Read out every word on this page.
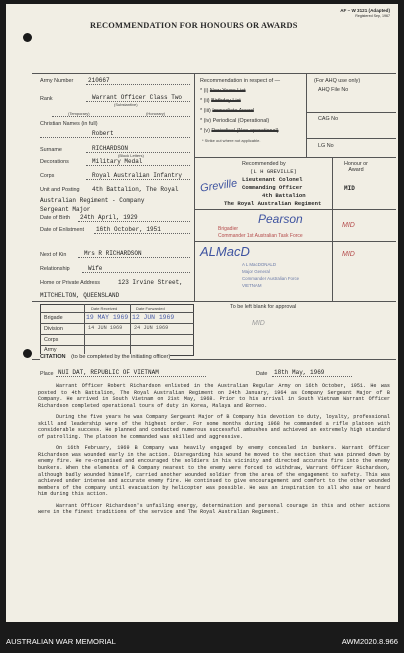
AF – W 3121 (Adapted)
Registered Sep, 1967
RECOMMENDATION FOR HONOURS OR AWARDS
Army Number 210667
Rank	Warrant Officer Class Two
(Substantive)
(Temporary)	(Honorary)
Christian Names (in full)
Robert
Surname	RICHARDSON
(Block Letters)
Decorations	Military Medal
Corps	Royal Australian Infantry
Unit and Posting 4th Battalion, The Royal
Australian Regiment - Company
Sergeant Major
Date of Birth 24th April, 1929
Date of Enlistment 16th October, 1951
Next of Kin	Mrs R RICHARDSON
Relationship	Wife
Home or Private Address	123 Irvine Street,
MITCHELTON, QUEENSLAND
Recommendation in respect of —
* (i) New Years List
* (ii) Birthday List
* (iii) Immediate Award
* (iv) Periodical (Operational)
* (v) Periodical (Non-operational)
* Strike out where not applicable.
(For AHQ use only)
AHQ File No
CAG No
LG No
Recommended by	Honour or Award
Greville
(L H GREVILLE)
Lieutenant Colonel
Commanding Officer
4th Battalion
The Royal Australian Regiment
MID
Pearson
Brigadier
Commander 1st Australian Task Force
MID
ALMacD
A L MacDONALD
Major General
Commander Australian Force
VIETNAM
MID
Date Received	Date Forwarded
Brigade	19 MAY 1969 12 JUN 1969
Division	14 JUN 1969 24 JUN 1969
Corps
Army
To be left blank for approval
MID
CITATION (to be completed by the initiating officer)
Place NUI DAT, REPUBLIC OF VIETNAM	Date 18th May, 1969

Warrant Officer Robert Richardson enlisted in the Australian Regular Army on 16th October, 1951. He was posted to 4th Battalion, The Royal Australian Regiment on 24th January, 1964 as Company Sergeant Major of B Company. He arrived in South Vietnam on 21st May, 1968. Prior to his arrival in South Vietnam Warrant Officer Richardson completed operational tours of duty in Korea, Malaya and Borneo.

During the five years he was Company Sergeant Major of B Company his devotion to duty, loyalty, professional skill and leadership were of the highest order. For some months during 1968 he commanded a rifle platoon with considerable success. He planned and conducted numerous successful ambushes and achieved an extremely high standard of patrolling. The platoon he commanded was skilled and aggressive.

On 16th February, 1969 B Company was heavily engaged by enemy concealed in bunkers. Warrant Officer Richardson was wounded early in the action. Disregarding his wound he moved to the section that was pinned down by enemy fire. He re-organised and encouraged the soldiers in his vicinity and directed accurate fire into the enemy bunkers. When the elements of B Company nearest to the enemy were forced to withdraw, Warrant Officer Richardson, although badly wounded himself, carried another wounded soldier from the area of the engagement to safety. This was achieved under intense and accurate enemy fire. He continued to give encouragement and comfort to the other wounded members of the company until evacuation by helicopter was possible. He was an inspiration to all who saw or heard him during this action.

Warrant Officer Richardson's unfailing energy, determination and personal courage in this and other actions were in the finest traditions of the service and The Royal Australian Regiment.

AUSTRALIAN WAR MEMORIAL	AWM2020.8.966
